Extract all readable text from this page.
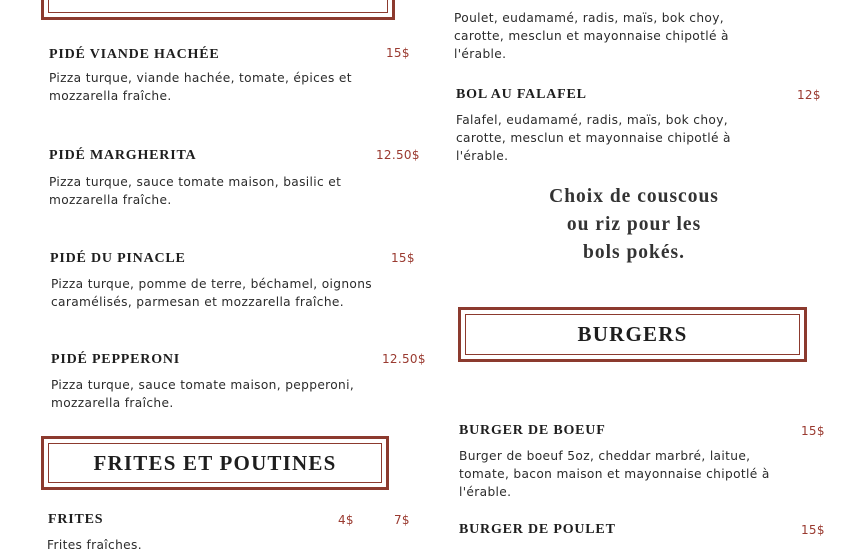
PIDÉ VIANDE HACHÉE	15$
Pizza turque, viande hachée, tomate, épices et
mozzarella fraîche.
PIDÉ MARGHERITA	12.50$
Pizza turque, sauce tomate maison, basilic et
mozzarella fraîche.
PIDÉ DU PINACLE	15$
Pizza turque, pomme de terre, béchamel, oignons
caramélisés, parmesan et mozzarella fraîche.
PIDÉ PEPPERONI	12.50$
Pizza turque, sauce tomate maison, pepperoni,
mozzarella fraîche.
FRITES ET POUTINES
FRITES	4$	7$
Frites fraîches.
Poulet, eudamamé, radis, maïs, bok choy,
carotte, mesclun et mayonnaise chipotlé à
l'érable.
BOL AU FALAFEL	12$
Falafel, eudamamé, radis, maïs, bok choy,
carotte, mesclun et mayonnaise chipotlé à
l'érable.
Choix de couscous
ou riz pour les
bols pokés.
BURGERS
BURGER DE BOEUF	15$
Burger de boeuf 5oz, cheddar marbré, laitue,
tomate, bacon maison et mayonnaise chipotlé à
l'érable.
BURGER DE POULET	15$
